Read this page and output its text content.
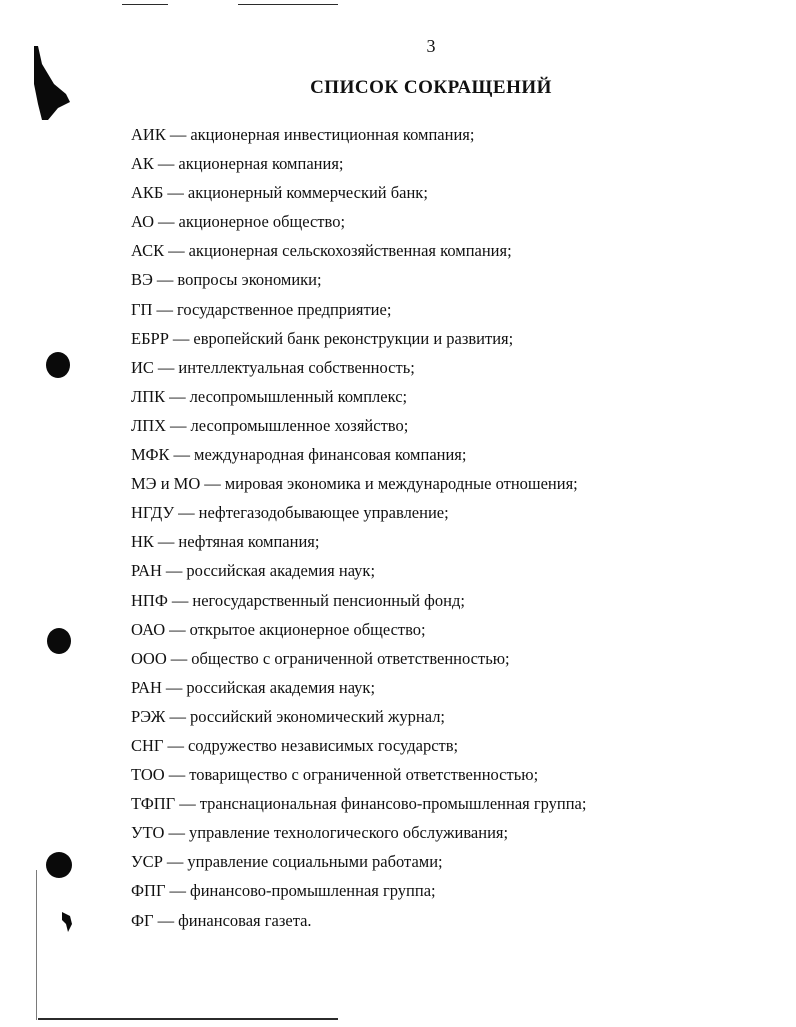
3
СПИСОК СОКРАЩЕНИЙ
АИК — акционерная инвестиционная компания;
АК — акционерная компания;
АКБ — акционерный коммерческий банк;
АО — акционерное общество;
АСК — акционерная сельскохозяйственная компания;
ВЭ — вопросы экономики;
ГП — государственное предприятие;
ЕБРР — европейский банк реконструкции и развития;
ИС — интеллектуальная собственность;
ЛПК — лесопромышленный комплекс;
ЛПХ — лесопромышленное хозяйство;
МФК — международная финансовая компания;
МЭ и МО — мировая экономика и международные отношения;
НГДУ — нефтегазодобывающее управление;
НК — нефтяная компания;
РАН — российская академия наук;
НПФ — негосударственный пенсионный фонд;
ОАО — открытое акционерное общество;
ООО — общество с ограниченной ответственностью;
РАН — российская академия наук;
РЭЖ — российский экономический журнал;
СНГ — содружество независимых государств;
ТОО — товарищество с ограниченной ответственностью;
ТФПГ — транснациональная финансово-промышленная группа;
УТО — управление технологического обслуживания;
УСР — управление социальными работами;
ФПГ — финансово-промышленная группа;
ФГ — финансовая газета.
